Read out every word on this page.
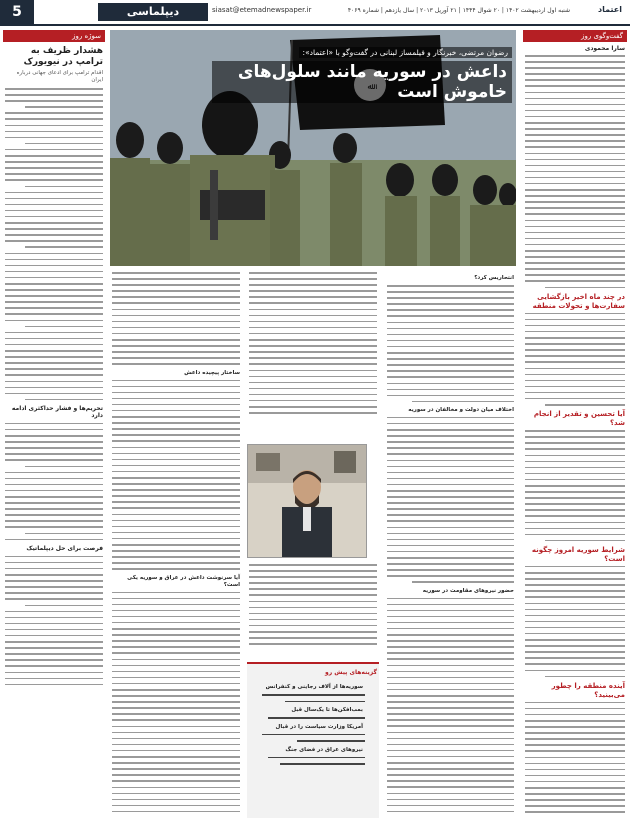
5	دیپلماسی	siasat@etemadnewspaper.ir	شنبه اول اردیبهشت ۱۴۰۲ | ۲۰ شوال ۱۴۴۴ | ۲۱ آوریل ۲۰۱۳ | سال یازدهم | شماره ۴۰۶۹	اعتماد
سوژه روز
هشدار ظریف به ترامپ در نیویورک
اقدام ترامپ برای ادعای جهانی درباره ایران
تحریم‌ها و فشار حداکثری ادامه دارد
فرصت برای حل دیپلماتیک
گفت‌وگوی روز
سارا محمودی
در چند ماه اخیر بازگشایی سفارت‌ها و تحولات منطقه
آیا تحسین و تقدیر از انجام شد؟
شرایط سوریه امروز چگونه است؟
آینده منطقه را چطور می‌بینید؟
رضوان مرتضی، خبرنگار و فیلمساز لبنانی در گفت‌وگو با «اعتماد»:
داعش در سوریه مانند سلول‌های خاموش است
انتحاریس کرد؟
اختلاف میان دولت و مخالفان در سوریه
حضور نیروهای مقاومت در سوریه
ساختار پیچیده داعش
آیا سرنوشت داعش در عراق و سوریه یکی است؟
گزینه‌های پیش رو
سوریه‌ها از آلاف رجاینی و کنفرانس
بمب‌افکن‌ها تا یک‌سال قبل
آمریکا وزارت سیاست را در قبال
نیروهای عراق در فضای جنگ
